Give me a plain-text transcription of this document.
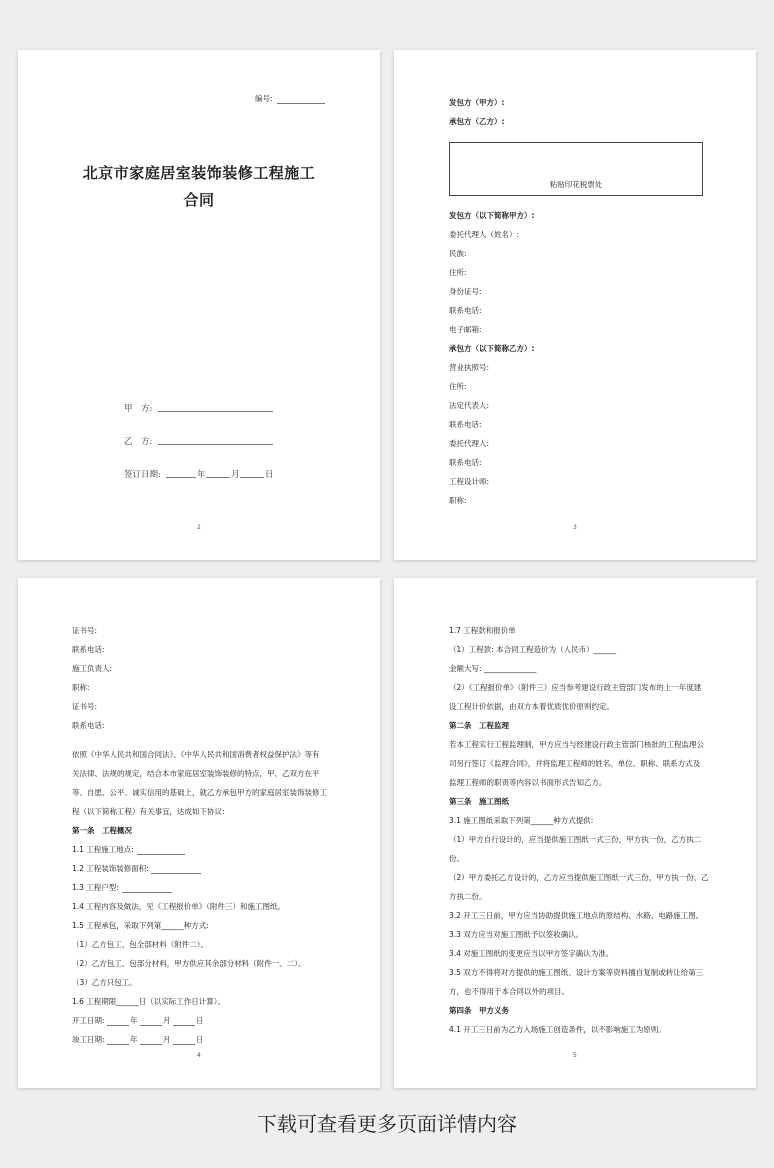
编号:
北京市家庭居室装饰装修工程施工
合同
甲　方:
乙　方:
签订日期:	年	月	日
2
发包方（甲方）:
承包方（乙方）:
粘贴印花税票处
发包方（以下简称甲方）:
委托代理人（姓名）:
民族:
住所:
身份证号:
联系电话:
电子邮箱:
承包方（以下简称乙方）:
营业执照号:
住所:
法定代表人:
联系电话:
委托代理人:
联系电话:
工程设计师:
职称:
3
证书号:
联系电话:
施工负责人:
职称:
证书号:
联系电话:
依照《中华人民共和国合同法》、《中华人民共和国消费者权益保护法》等有
关法律、法规的规定，结合本市家庭居室装饰装修的特点，甲、乙双方在平
等、自愿、公平、诚实信用的基础上，就乙方承包甲方的家庭居室装饰装修工
程（以下简称工程）有关事宜，达成如下协议:
第一条　工程概况
1.1 工程施工地点:
1.2 工程装饰装修面积:
1.3 工程户型:
1.4 工程内容及做法，见《工程报价单》（附件三）和施工图纸。
1.5 工程承包，采取下列第______种方式:
（1）乙方包工、包全部材料（附件二）。
（2）乙方包工、包部分材料，甲方供应其余部分材料（附件一、二）。
（3）乙方只包工。
1.6 工程期限______日（以实际工作日计算）。
开工日期:	年	月	日
竣工日期:	年	月	日
4
1.7 工程款和报价单
（1）工程款: 本合同工程造价为（人民币）______
金额大写: ______________
（2）《工程报价单》（附件三）应当参考建设行政主管部门发布的上一年度建
设工程计价依据，由双方本着优质优价原则约定。
第二条　工程监理
若本工程实行工程监理制，甲方应当与经建设行政主管部门核批的工程监理公
司另行签订《监理合同》，并将监理工程师的姓名、单位、职称、联系方式及
监理工程师的职责等内容以书面形式告知乙方。
第三条　施工图纸
3.1 施工图纸采取下列第______种方式提供:
（1）甲方自行设计的，应当提供施工图纸一式三份，甲方执一份，乙方执二
份。
（2）甲方委托乙方设计的，乙方应当提供施工图纸一式三份，甲方执一份，乙
方执二份。
3.2 开工三日前，甲方应当协助提供施工地点的原结构、水路、电路施工图。
3.3 双方应当对施工图纸予以签收确认。
3.4 对施工图纸的变更应当以甲方签字确认为准。
3.5 双方不得将对方提供的施工图纸、设计方案等资料擅自复制或转让给第三
方，也不得用于本合同以外的项目。
第四条　甲方义务
4.1 开工三日前为乙方入场施工创造条件，以不影响施工为原则。
5
下载可查看更多页面详情内容
